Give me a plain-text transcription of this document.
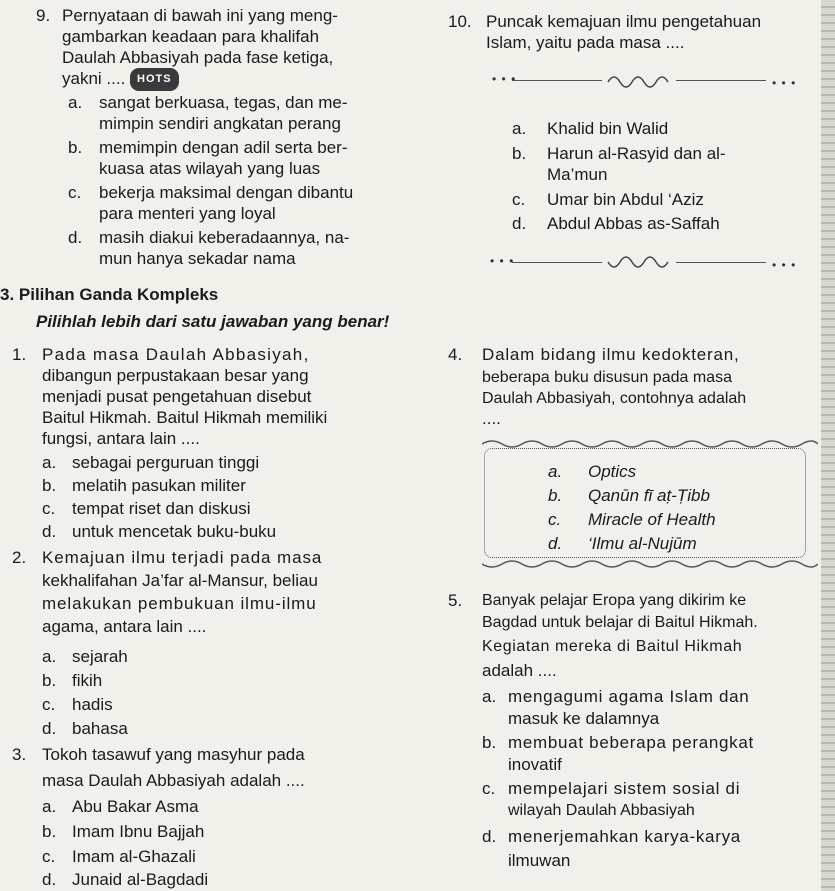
9. Pernyataan di bawah ini yang meng-
gambarkan keadaan para khalifah
Daulah Abbasiyah pada fase ketiga,
yakni .... HOTS
a. sangat berkuasa, tegas, dan me-
mimpin sendiri angkatan perang
b. memimpin dengan adil serta ber-
kuasa atas wilayah yang luas
c. bekerja maksimal dengan dibantu
para menteri yang loyal
d. masih diakui keberadaannya, na-
mun hanya sekadar nama
10. Puncak kemajuan ilmu pengetahuan
Islam, yaitu pada masa ....
• • •	• • •
a. Khalid bin Walid
b. Harun al-Rasyid dan al-
Ma’mun
c. Umar bin Abdul ‘Aziz
d. Abdul Abbas as-Saffah
• • •	• • •
3. Pilihan Ganda Kompleks
Pilihlah lebih dari satu jawaban yang benar!
1. Pada masa Daulah Abbasiyah,
dibangun perpustakaan besar yang
menjadi pusat pengetahuan disebut
Baitul Hikmah. Baitul Hikmah memiliki
fungsi, antara lain ....
a. sebagai perguruan tinggi
b. melatih pasukan militer
c. tempat riset dan diskusi
d. untuk mencetak buku-buku
2. Kemajuan ilmu terjadi pada masa
kekhalifahan Ja’far al-Mansur, beliau
melakukan pembukuan ilmu-ilmu
agama, antara lain ....
a. sejarah
b. fikih
c. hadis
d. bahasa
3. Tokoh tasawuf yang masyhur pada
masa Daulah Abbasiyah adalah ....
a. Abu Bakar Asma
b. Imam Ibnu Bajjah
c. Imam al-Ghazali
d. Junaid al-Bagdadi
4. Dalam bidang ilmu kedokteran,
beberapa buku disusun pada masa
Daulah Abbasiyah, contohnya adalah
....
a. Optics
b. Qanūn fī aṭ-Ṭibb
c. Miracle of Health
d. ‘Ilmu al-Nujūm
5. Banyak pelajar Eropa yang dikirim ke
Bagdad untuk belajar di Baitul Hikmah.
Kegiatan mereka di Baitul Hikmah
adalah ....
a. mengagumi agama Islam dan
masuk ke dalamnya
b. membuat beberapa perangkat
inovatif
c. mempelajari sistem sosial di
wilayah Daulah Abbasiyah
d. menerjemahkan karya-karya
ilmuwan
